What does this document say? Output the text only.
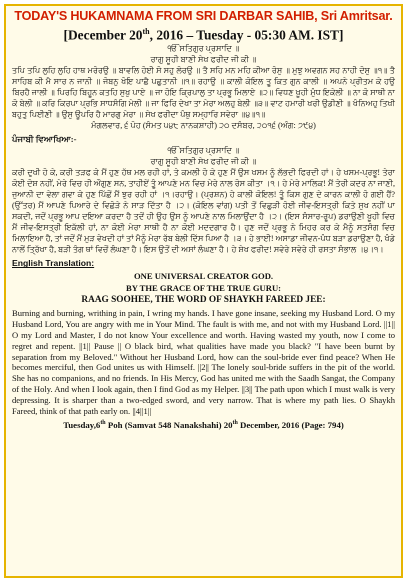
TODAY'S HUKAMNAMA FROM SRI DARBAR SAHIB, Sri Amritsar.
[December 20th, 2016 – Tuesday - 05:30 AM. IST]

ੴ ਸਤਿਗੁਰ ਪ੍ਰਸਾਦਿ ॥

ਰਾਗੁ ਸੂਹੀ ਬਾਣੀ ਸੇਖ ਫਰੀਦ ਜੀ ਕੀ ॥

ਤਪਿ ਤਪਿ ਲੁਹਿ ਲੁਹਿ ਹਾਥ ਮਰੋਰਉ ॥ ਬਾਵਲਿ ਹੋਈ ਸੋ ਸਹੁ ਲੋਰਉ ॥ ਤੈ ਸਹਿ ਮਨ ਮਹਿ ਕੀਆ ਰੋਸੁ ॥ ਮੁਝੁ ਅਵਗਨ ਸਹ ਨਾਹੀ ਦੋਸੁ ॥੧॥ ਤੈ ਸਾਹਿਬ ਕੀ ਮੈ ਸਾਰ ਨ ਜਾਨੀ ॥ ਜੋਬਨੁ ਖੋਇ ਪਾਛੈ ਪਛੁਤਾਨੀ ॥੧॥ ਰਹਾਉ ॥ ਕਾਲੀ ਕੋਇਲ ਤੂ ਕਿਤ ਗੁਨ ਕਾਲੀ ॥ ਅਪਨੇ ਪ੍ਰੀਤਮ ਕੇ ਹਉ ਬਿਰਹੈ ਜਾਲੀ ॥ ਪਿਰਹਿ ਬਿਹੂਨ ਕਤਹਿ ਸੁਖੁ ਪਾਏ ॥ ਜਾ ਹੋਇ ਕ੍ਰਿਪਾਲੁ ਤਾ ਪ੍ਰਭੂ ਮਿਲਾਏ ॥੨॥ ਵਿਧਣ ਖੂਹੀ ਮੁੰਧ ਇਕੇਲੀ ॥ ਨਾ ਕੋ ਸਾਥੀ ਨਾ ਕੋ ਬੇਲੀ ॥ ਕਰਿ ਕਿਰਪਾ ਪ੍ਰਭਿ ਸਾਧਸੰਗਿ ਮੇਲੀ ॥ ਜਾ ਫਿਰਿ ਦੇਖਾ ਤਾ ਮੇਰਾ ਅਲਹੁ ਬੇਲੀ ॥੩॥ ਵਾਟ ਹਮਾਰੀ ਖਰੀ ਉਡੀਣੀ ॥ ਖੰਨਿਅਹੁ ਤਿਖੀ ਬਹੁਤੁ ਪਿਈਣੀ ॥ ਉਸੁ ਊਪਰਿ ਹੈ ਮਾਰਗੁ ਮੇਰਾ ॥ ਸੇਖ ਫਰੀਦਾ ਪੰਥੁ ਸਮ੍ਹਾਰਿ ਸਵੇਰਾ ॥੪॥੧॥

ਮੰਗਲਵਾਰ, ੬ ਪੋਹ (ਸੰਮਤ ੫੪੮ ਨਾਨਕਸ਼ਾਹੀ) ੨੦ ਦਸੰਬਰ, ੨੦੧੬ (ਅੰਗ: ੭੯੪)

ਪੰਜਾਬੀ ਵਿਆਖਿਆ:-

ੴ ਸਤਿਗੁਰ ਪ੍ਰਸਾਦਿ ॥

ਰਾਗੁ ਸੂਹੀ ਬਾਣੀ ਸੇਖ ਫਰੀਦ ਜੀ ਕੀ ॥

ਕਰੀ ਦੁਖੀ ਹੋ ਕੇ, ਕਰੀ ਤੜਫ ਕੇ ਮੈਂ ਹੁਣ ਹੱਥ ਮਲ ਰਹੀ ਹਾਂ, ਤੇ ਕਮਲੀ ਹੋ ਕੇ ਹੁਣ ਮੈਂ ਉਸ ਖਸਮ ਨੂੰ ਲੱਭਦੀ ਫਿਰਦੀ ਹਾਂ। ਹੇ ਖਸਮ-ਪ੍ਰਭੂ! ਤੇਰਾ ਕੋਈ ਦੋਸ਼ ਨਹੀਂ, ਮੇਰੇ ਵਿਚ ਹੀ ਔਗੁਣ ਸਨ, ਤਾਹੀਏਂ ਤੂੰ ਆਪਣੇ ਮਨ ਵਿਚ ਮੇਰੇ ਨਾਲ ਰੋਸ ਕੀਤਾ ।੧। ਹੇ ਮੇਰੇ ਮਾਲਿਕ! ਮੈਂ ਤੇਰੀ ਕਦਰ ਨਾ ਜਾਣੀ, ਜੁਆਨੀ ਦਾ ਵੇਲਾ ਗਵਾ ਕੇ ਹੁਣ ਪਿੱਛੋਂ ਮੈਂ ਝੁਰ ਰਹੀ ਹਾਂ ।੧।ਰਹਾਉ। (ਪ੍ਰਸ਼ਨ) ਹੇ ਕਾਲੀ ਕੋਇਲ! ਤੂੰ ਕਿਸ ਗੁਣ ਦੇ ਕਾਰਨ ਕਾਲੀ ਹੋ ਗਈ ਹੈਂ? (ਉੱਤਰ) ਮੈਂ ਆਪਣੇ ਪਿਆਰੇ ਦੇ ਵਿਛੋੜੇ ਨੇ ਸਾੜ ਦਿੱਤਾ ਹੈ ।੨। (ਕੋਇਲ ਵਾਂਗ) ਪਤੀ ਤੋਂ ਵਿਛੁੜੀ ਹੋਈ ਜੀਵ-ਇਸਤ੍ਰੀ ਕਿਤੇ ਸੁਖ ਨਹੀਂ ਪਾ ਸਕਦੀ, ਜਦੋਂ ਪ੍ਰਭੂ ਆਪ ਦਇਆ ਕਰਦਾ ਹੈ ਤਦੋਂ ਹੀ ਉਹ ਉਸ ਨੂੰ ਆਪਣੇ ਨਾਲ ਮਿਲਾਉਂਦਾ ਹੈ ।੨। (ਇਸ ਸੰਸਾਰ-ਰੂਪ) ਡਰਾਉਣੀ ਖੂਹੀ ਵਿਚ ਮੈਂ ਜੀਵ-ਇਸਤ੍ਰੀ ਇਕੱਲੀ ਹਾਂ, ਨਾ ਕੋਈ ਮੇਰਾ ਸਾਥੀ ਹੈ ਨਾ ਕੋਈ ਮਦਦਗਾਰ ਹੈ। ਹੁਣ ਜਦੋਂ ਪ੍ਰਭੂ ਨੇ ਮਿਹਰ ਕਰ ਕੇ ਮੈਨੂੰ ਸਤਸੰਗ ਵਿਚ ਮਿਲਾਇਆ ਹੈ, ਤਾਂ ਜਦੋਂ ਮੈਂ ਮੁੜ ਵੇਖਦੀ ਹਾਂ ਤਾਂ ਮੈਨੂੰ ਮੇਰਾ ਰੱਬ ਬੇਲੀ ਦਿੱਸ ਪਿਆ ਹੈ ।੩। ਹੇ ਭਾਈ! ਅਸਾਡਾ ਜੀਵਨ-ਪੰਧ ਬੜਾ ਡਰਾਉਣਾ ਹੈ, ਖੰਡੇ ਨਾਲੋਂ ਤ੍ਰਿੱਖਾ ਹੈ, ਬੜੀ ਤੰਗ ਥਾਂ ਵਿਚੋਂ ਲੰਘਣਾ ਹੈ। ਇਸ ਉਤੋਂ ਦੀ ਅਸਾਂ ਲੰਘਣਾ ਹੈ। ਹੇ ਸ਼ੇਖ ਫਰੀਦ! ਸਵੇਰੇ ਸਵੇਰੇ ਹੀ ਰਸਤਾ ਸੰਭਾਲ ।੪।੧।

English Translation:

ONE UNIVERSAL CREATOR GOD.

BY THE GRACE OF THE TRUE GURU:

RAAG SOOHEE, THE WORD OF SHAYKH FAREED JEE:

Burning and burning, writhing in pain, I wring my hands. I have gone insane, seeking my Husband Lord. O my Husband Lord, You are angry with me in Your Mind. The fault is with me, and not with my Husband Lord. ||1|| O my Lord and Master, I do not know Your excellence and worth. Having wasted my youth, now I come to regret and repent. ||1|| Pause || O black bird, what qualities have made you black? "I have been burnt by separation from my Beloved." Without her Husband Lord, how can the soul-bride ever find peace? When He becomes merciful, then God unites us with Himself. ||2|| The lonely soul-bride suffers in the pit of the world. She has no companions, and no friends. In His Mercy, God has united me with the Saadh Sangat, the Company of the Holy. And when I look again, then I find God as my Helper. ||3|| The path upon which I must walk is very depressing. It is sharper than a two-edged sword, and very narrow. That is where my path lies. O Shaykh Fareed, think of that path early on. ||4||1||

Tuesday,6th Poh (Samvat 548 Nanakshahi) 20th December, 2016 (Page: 794)
